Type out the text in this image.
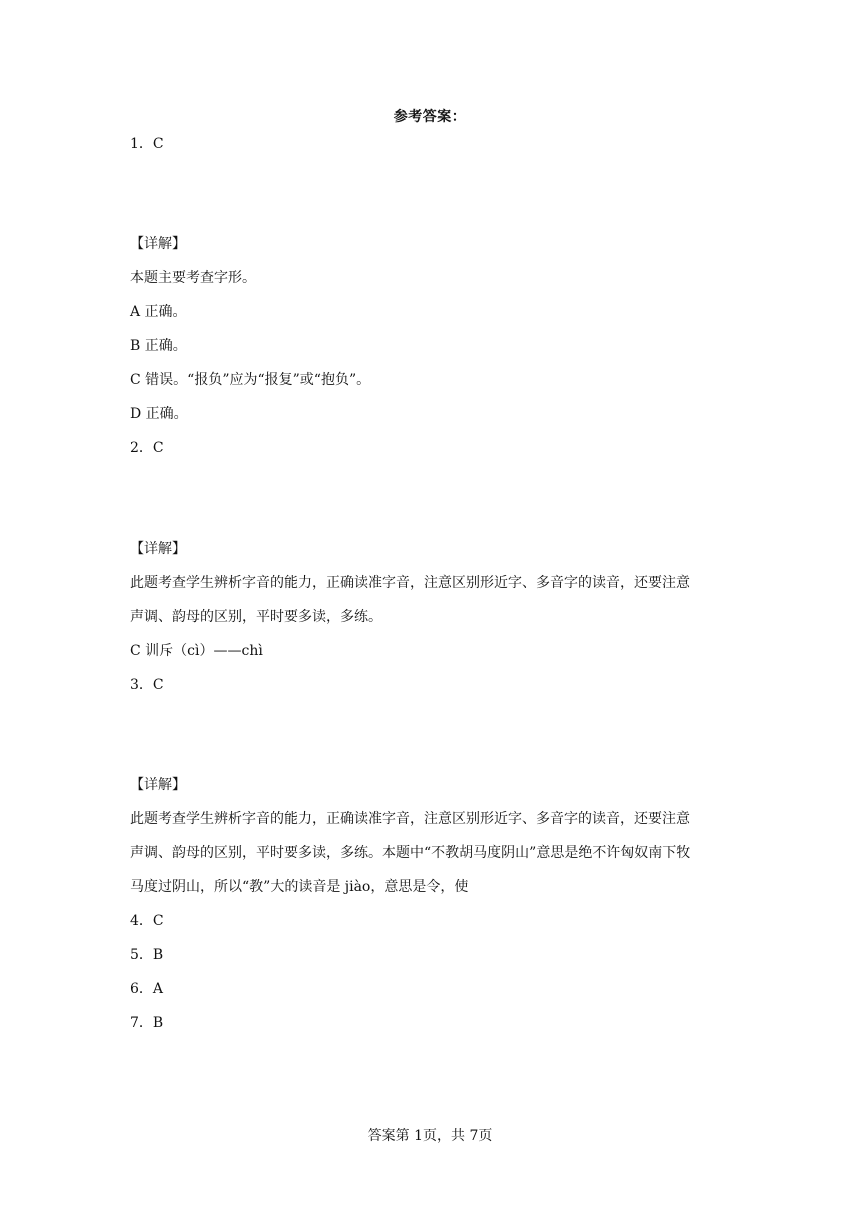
参考答案：
1．C
【详解】
本题主要考查字形。
A 正确。
B 正确。
C 错误。“报负”应为“报复”或“抱负”。
D 正确。
2．C
【详解】
此题考查学生辨析字音的能力，正确读准字音，注意区别形近字、多音字的读音，还要注意
声调、韵母的区别，平时要多读，多练。
C 训斥（cì）——chì
3．C
【详解】
此题考查学生辨析字音的能力，正确读准字音，注意区别形近字、多音字的读音，还要注意
声调、韵母的区别，平时要多读，多练。本题中“不教胡马度阴山”意思是绝不许匈奴南下牧
马度过阴山，所以“教”大的读音是 jiào，意思是令，使
4．C
5．B
6．A
7．B
答案第 1页，共 7页
